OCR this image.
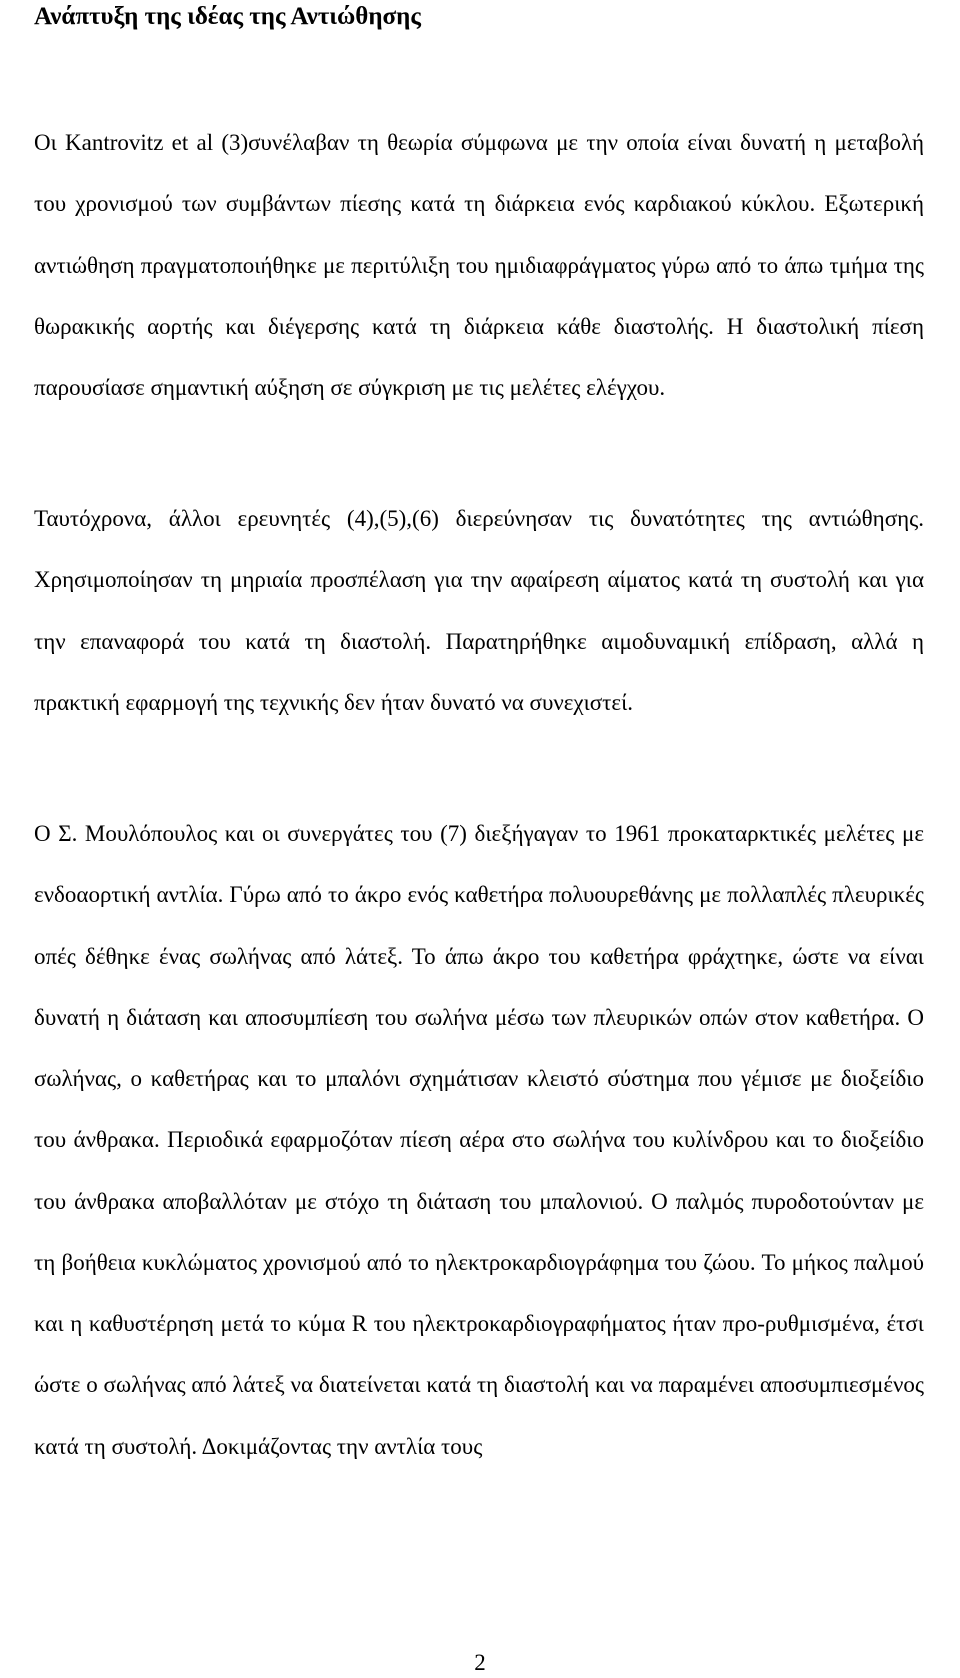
Ανάπτυξη της ιδέας της Αντιώθησης

Οι Kantrovitz et al (3)συνέλαβαν τη θεωρία σύμφωνα με την οποία είναι δυνατή η μεταβολή του χρονισμού των συμβάντων πίεσης κατά τη διάρκεια ενός καρδιακού κύκλου. Εξωτερική αντιώθηση πραγματοποιήθηκε με περιτύλιξη του ημιδιαφράγματος γύρω από το άπω τμήμα της θωρακικής αορτής και διέγερσης κατά τη διάρκεια κάθε διαστολής. Η διαστολική πίεση παρουσίασε σημαντική αύξηση σε σύγκριση με τις μελέτες ελέγχου.

Ταυτόχρονα, άλλοι ερευνητές (4),(5),(6) διερεύνησαν τις δυνατότητες της αντιώθησης. Χρησιμοποίησαν τη μηριαία προσπέλαση για την αφαίρεση αίματος κατά τη συστολή και για την επαναφορά του κατά τη διαστολή. Παρατηρήθηκε αιμοδυναμική επίδραση, αλλά η πρακτική εφαρμογή της τεχνικής δεν ήταν δυνατό να συνεχιστεί.

Ο Σ. Μουλόπουλος και οι συνεργάτες του (7) διεξήγαγαν το 1961 προκαταρκτικές μελέτες με ενδοαορτική αντλία. Γύρω από το άκρο ενός καθετήρα πολυουρεθάνης με πολλαπλές πλευρικές οπές δέθηκε ένας σωλήνας από λάτεξ. Το άπω άκρο του καθετήρα φράχτηκε, ώστε να είναι δυνατή η διάταση και αποσυμπίεση του σωλήνα μέσω των πλευρικών οπών στον καθετήρα. Ο σωλήνας, ο καθετήρας και το μπαλόνι σχημάτισαν κλειστό σύστημα που γέμισε με διοξείδιο του άνθρακα. Περιοδικά εφαρμοζόταν πίεση αέρα στο σωλήνα του κυλίνδρου και το διοξείδιο του άνθρακα αποβαλλόταν με στόχο τη διάταση του μπαλονιού. Ο παλμός πυροδοτούνταν με τη βοήθεια κυκλώματος χρονισμού από το ηλεκτροκαρδιογράφημα του ζώου. Το μήκος παλμού και η καθυστέρηση μετά το κύμα R του ηλεκτροκαρδιογραφήματος ήταν προ-ρυθμισμένα, έτσι ώστε ο σωλήνας από λάτεξ να διατείνεται κατά τη διαστολή και να παραμένει αποσυμπιεσμένος κατά τη συστολή. Δοκιμάζοντας την αντλία τους

2
